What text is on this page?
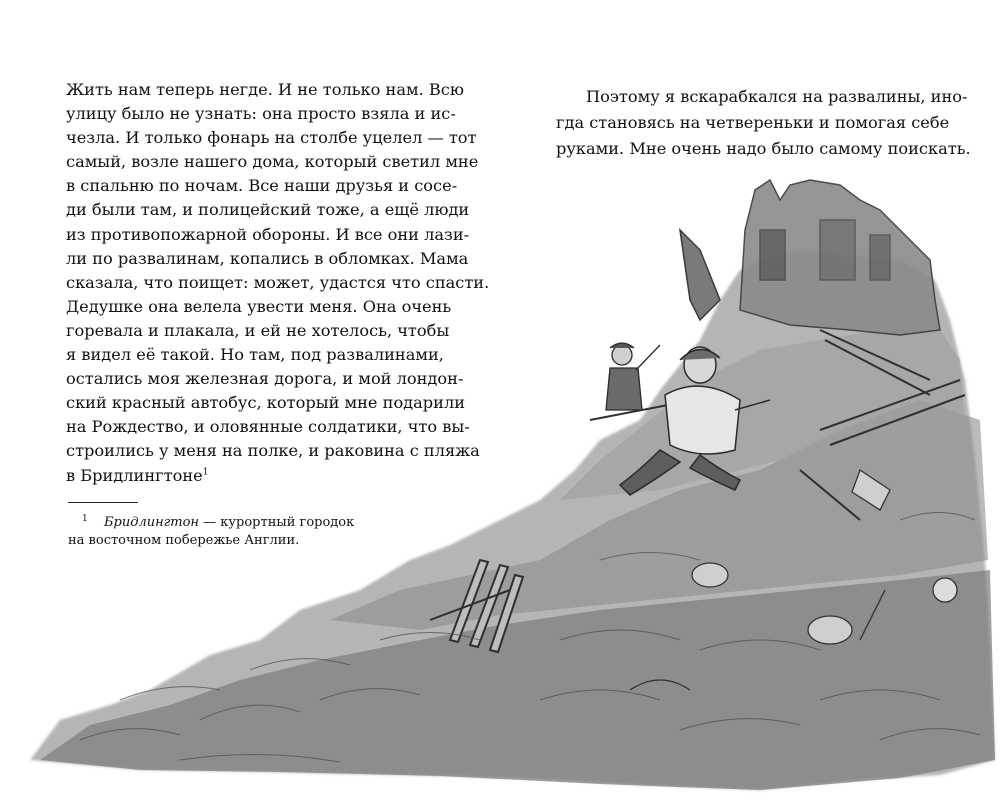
Жить нам теперь негде. И не только нам. Всю
улицу было не узнать: она просто взяла и ис-
чезла. И только фонарь на столбе уцелел — тот
самый, возле нашего дома, который светил мне
в спальню по ночам. Все наши друзья и сосе-
ди были там, и полицейский тоже, а ещё люди
из противопожарной обороны. И все они лази-
ли по развалинам, копались в обломках. Мама
сказала, что поищет: может, удастся что спасти.
Дедушке она велела увести меня. Она очень
горевала и плакала, и ей не хотелось, чтобы
я видел её такой. Но там, под развалинами,
остались моя железная дорога, и мой лондон-
ский красный автобус, который мне подарили
на Рождество, и оловянные солдатики, что вы-
строились у меня на полке, и раковина с пляжа
в Бридлингтоне$^1$
1 Бридлингтон — курортный городок
на восточном побережье Англии.
Поэтому я вскарабкался на развалины, ино-
гда становясь на четвереньки и помогая себе
руками. Мне очень надо было самому поискать.
